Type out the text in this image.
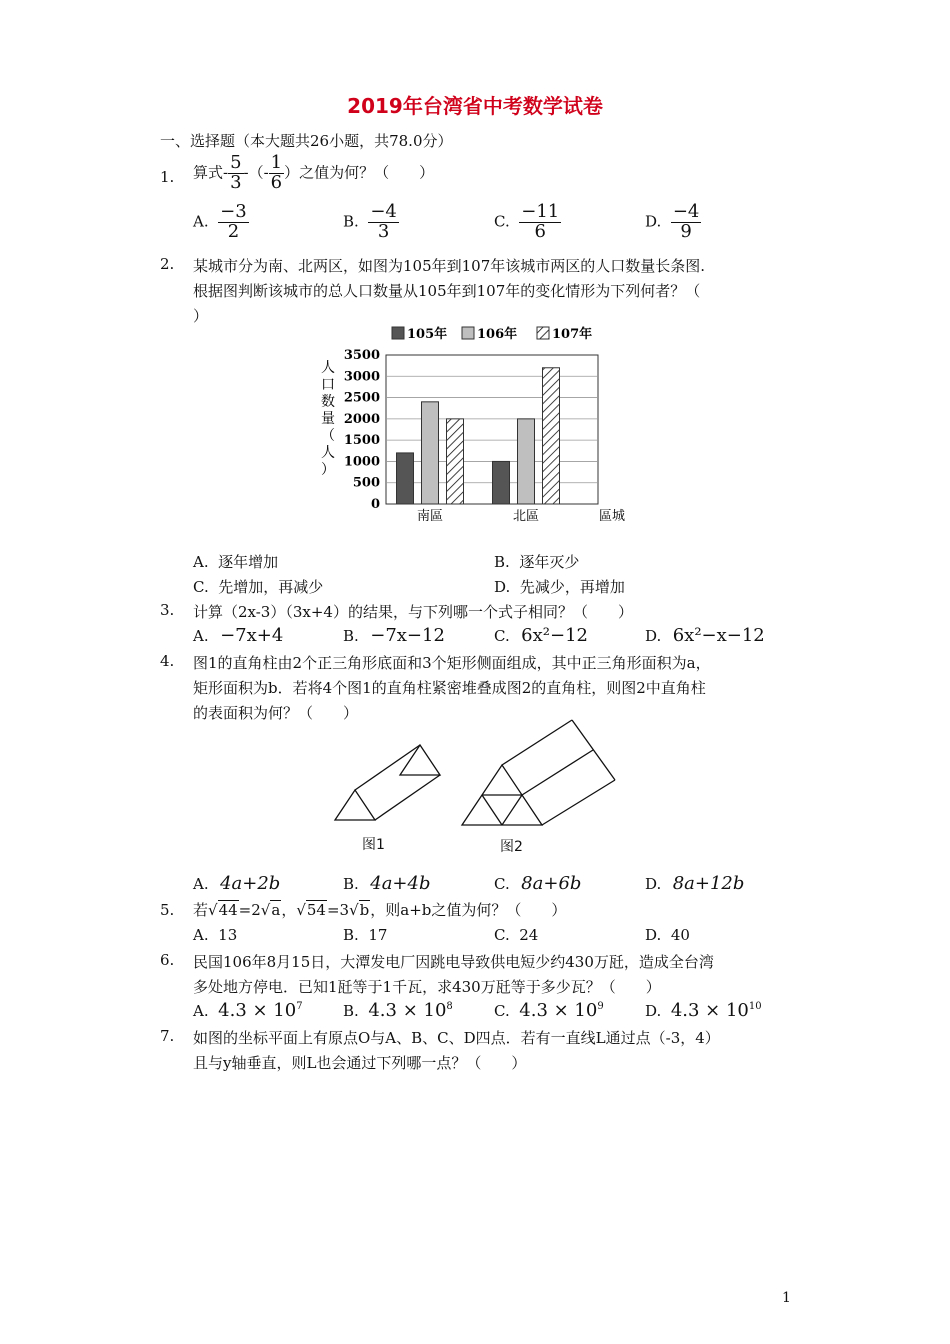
2019年台湾省中考数学试卷
一、选择题（本大题共26小题，共78.0分）
1. 算式- $\frac{5}{3}$ -（- $\frac{1}{6}$ ）之值为何？（　　）
A. $\frac{-3}{2}$	B. $\frac{-4}{3}$	C. $\frac{-11}{6}$	D. $\frac{-4}{9}$
2. 某城市分为南、北两区，如图为105年到107年该城市两区的人口数量长条图.
根据图判断该城市的总人口数量从105年到107年的变化情形为下列何者？（
）
105年 106年	107年
人
口
数
量
（
人
）
0
500
1000
1500
2000
2500
3000
3500
南區	北區	區城
A. 逐年增加	B. 逐年灭少
C. 先增加，再减少	D. 先减少，再增加
3. 计算（2x-3）（3x+4）的结果，与下列哪一个式子相同？（　　）
A. −7x+4	B. −7x−12	C. 6x²−12	D. 6x²−x−12
4. 图1的直角柱由2个正三角形底面和3个矩形侧面组成，其中正三角形面积为a，
矩形面积为b．若将4个图1的直角柱紧密堆叠成图2的直角柱，则图2中直角柱
的表面积为何？（　　）
图1	图2
A. 4a+2b	B. 4a+4b	C. 8a+6b	D. 8a+12b
5. 若√44=2√a，√54=3√b，则a+b之值为何？（　　）
A. 13	B. 17	C. 24	D. 40
6. 民国106年8月15日，大潭发电厂因跳电导致供电短少约430万瓩，造成全台湾
多处地方停电．已知1瓩等于1千瓦，求430万瓩等于多少瓦？（　　）
A. $4.3 \times 10^7$	B. $4.3 \times 10^8$	C. $4.3 \times 10^9$	D. $4.3 \times 10^{10}$
7. 如图的坐标平面上有原点O与A、B、C、D四点．若有一直线L通过点（-3，4）
且与y轴垂直，则L也会通过下列哪一点？（　　）
1
